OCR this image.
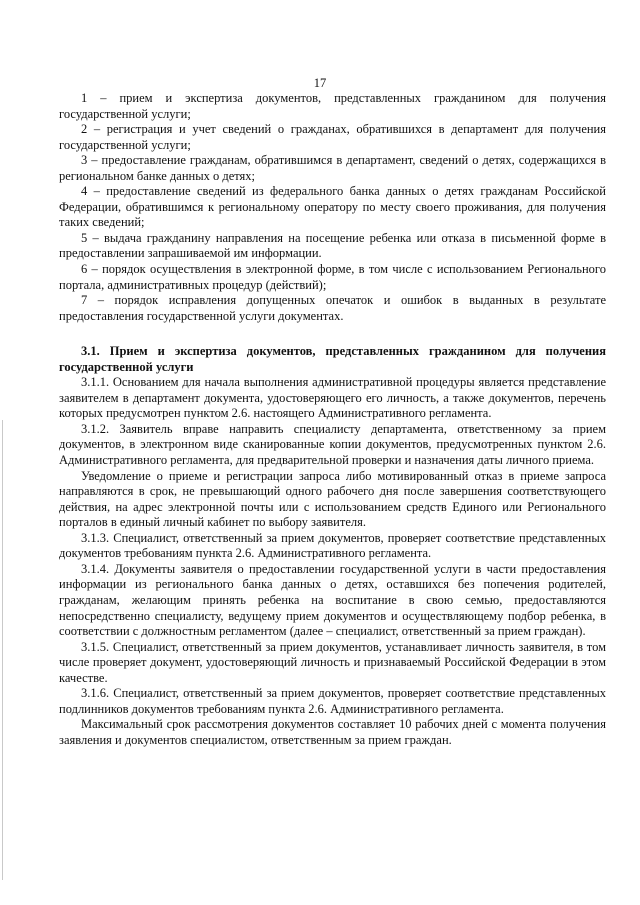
17

1 – прием и экспертиза документов, представленных гражданином для получения государственной услуги;

2 – регистрация и учет сведений о гражданах, обратившихся в департамент для получения государственной услуги;

3 – предоставление гражданам, обратившимся в департамент, сведений о детях, содержащихся в региональном банке данных о детях;

4 – предоставление сведений из федерального банка данных о детях гражданам Российской Федерации, обратившимся к региональному оператору по месту своего проживания, для получения таких сведений;

5 – выдача гражданину направления на посещение ребенка или отказа в письменной форме в предоставлении запрашиваемой им информации.

6 – порядок осуществления в электронной форме, в том числе с использованием Регионального портала, административных процедур (действий);

7 – порядок исправления допущенных опечаток и ошибок в выданных в результате предоставления государственной услуги документах.

3.1. Прием и экспертиза документов, представленных гражданином для получения государственной услуги

3.1.1. Основанием для начала выполнения административной процедуры является представление заявителем в департамент документа, удостоверяющего его личность, а также документов, перечень которых предусмотрен пунктом 2.6. настоящего Административного регламента.

3.1.2. Заявитель вправе направить специалисту департамента, ответственному за прием документов, в электронном виде сканированные копии документов, предусмотренных пунктом 2.6. Административного регламента, для предварительной проверки и назначения даты личного приема.

Уведомление о приеме и регистрации запроса либо мотивированный отказ в приеме запроса направляются в срок, не превышающий одного рабочего дня после завершения соответствующего действия, на адрес электронной почты или с использованием средств Единого или Регионального порталов в единый личный кабинет по выбору заявителя.

3.1.3. Специалист, ответственный за прием документов, проверяет соответствие представленных документов требованиям пункта 2.6. Административного регламента.

3.1.4. Документы заявителя о предоставлении государственной услуги в части предоставления информации из регионального банка данных о детях, оставшихся без попечения родителей, гражданам, желающим принять ребенка на воспитание в свою семью, предоставляются непосредственно специалисту, ведущему прием документов и осуществляющему подбор ребенка, в соответствии с должностным регламентом (далее – специалист, ответственный за прием граждан).

3.1.5. Специалист, ответственный за прием документов, устанавливает личность заявителя, в том числе проверяет документ, удостоверяющий личность и признаваемый Российской Федерации в этом качестве.

3.1.6. Специалист, ответственный за прием документов, проверяет соответствие представленных подлинников документов требованиям пункта 2.6. Административного регламента.

Максимальный срок рассмотрения документов составляет 10 рабочих дней с момента получения заявления и документов специалистом, ответственным за прием граждан.
